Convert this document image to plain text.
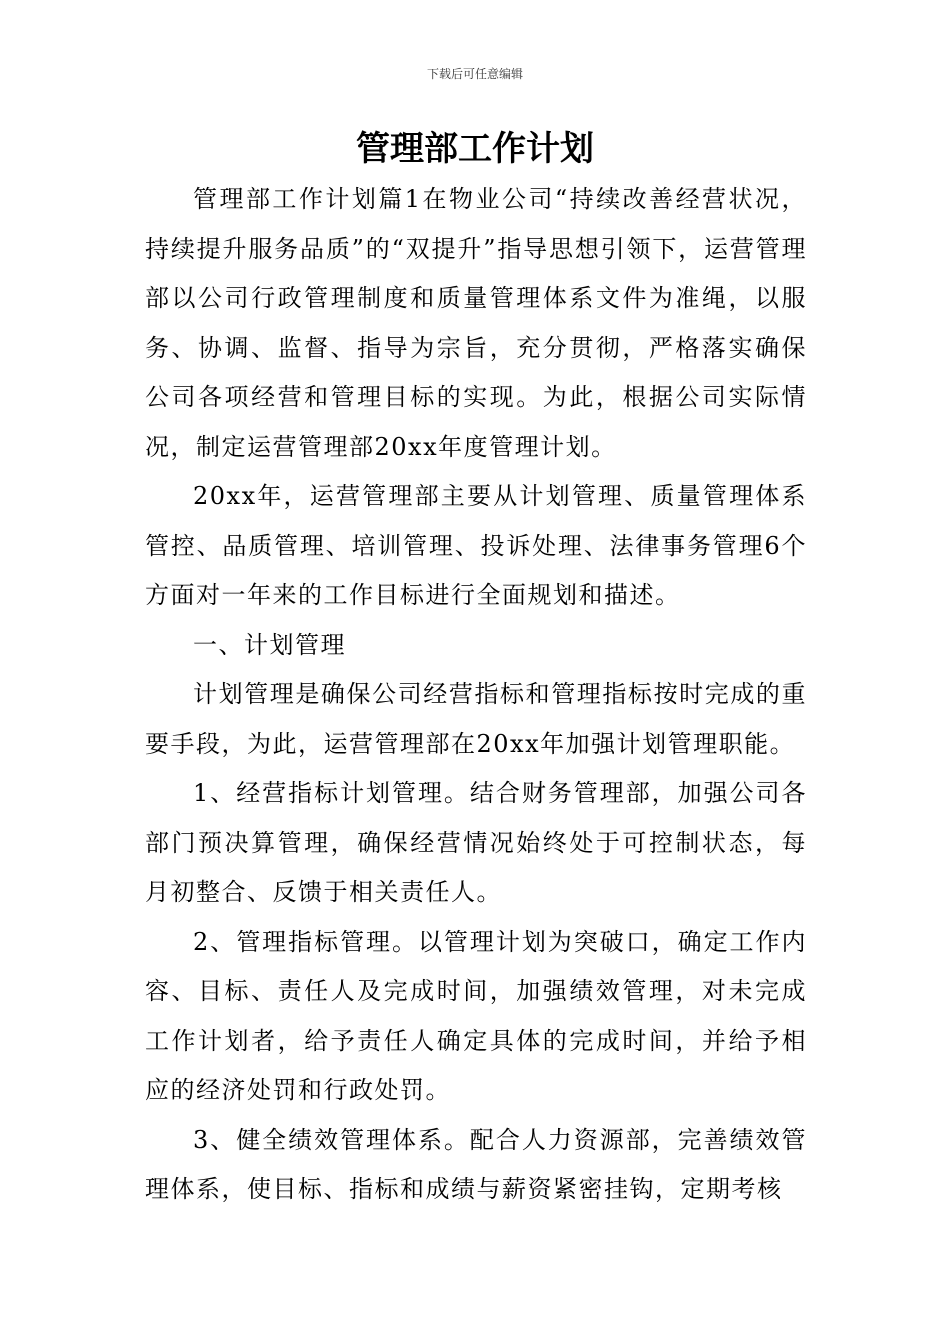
下载后可任意编辑
管理部工作计划

管理部工作计划篇1在物业公司“持续改善经营状况，持续提升服务品质”的“双提升”指导思想引领下，运营管理部以公司行政管理制度和质量管理体系文件为准绳，以服务、协调、监督、指导为宗旨，充分贯彻，严格落实确保公司各项经营和管理目标的实现。为此，根据公司实际情况，制定运营管理部20xx年度管理计划。

20xx年，运营管理部主要从计划管理、质量管理体系管控、品质管理、培训管理、投诉处理、法律事务管理6个方面对一年来的工作目标进行全面规划和描述。

一、计划管理

计划管理是确保公司经营指标和管理指标按时完成的重要手段，为此，运营管理部在20xx年加强计划管理职能。

1、经营指标计划管理。结合财务管理部，加强公司各部门预决算管理，确保经营情况始终处于可控制状态，每月初整合、反馈于相关责任人。

2、管理指标管理。以管理计划为突破口，确定工作内容、目标、责任人及完成时间，加强绩效管理，对未完成工作计划者，给予责任人确定具体的完成时间，并给予相应的经济处罚和行政处罚。

3、健全绩效管理体系。配合人力资源部，完善绩效管理体系，使目标、指标和成绩与薪资紧密挂钩，定期考核
